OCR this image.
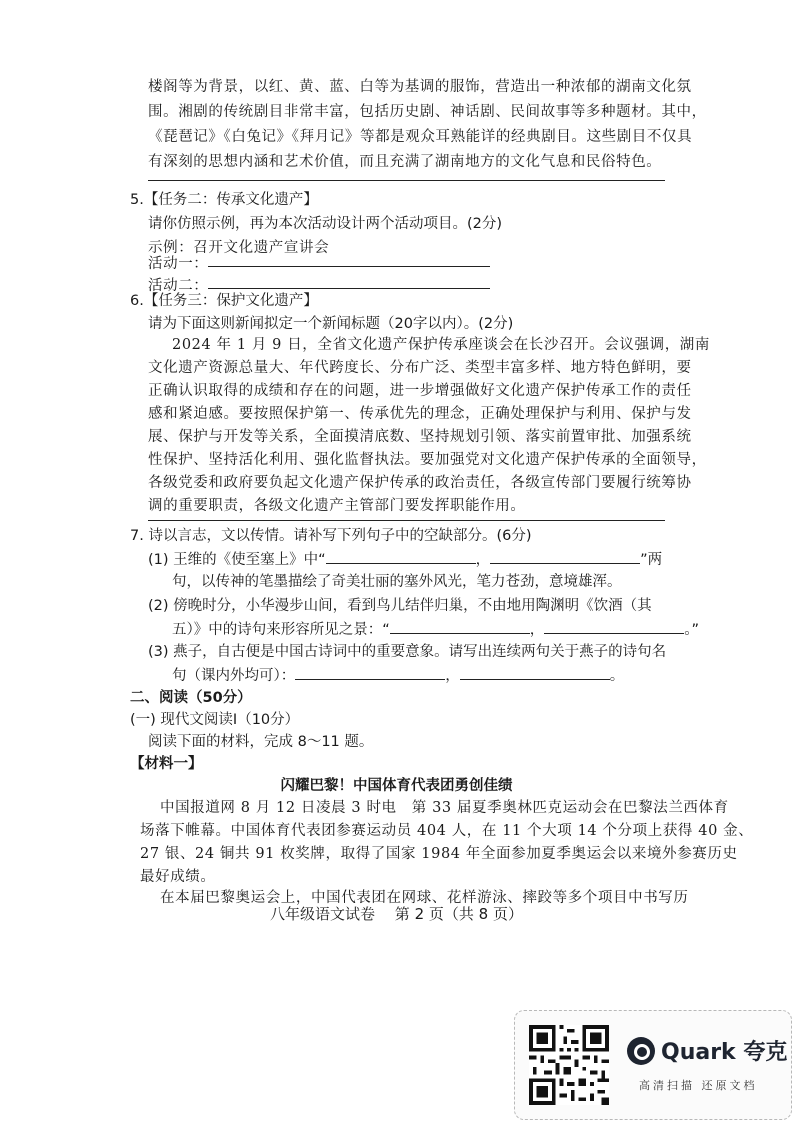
楼阁等为背景，以红、黄、蓝、白等为基调的服饰，营造出一种浓郁的湖南文化氛
围。湘剧的传统剧目非常丰富，包括历史剧、神话剧、民间故事等多种题材。其中，
《琵琶记》《白兔记》《拜月记》等都是观众耳熟能详的经典剧目。这些剧目不仅具
有深刻的思想内涵和艺术价值，而且充满了湖南地方的文化气息和民俗特色。
5.【任务二：传承文化遗产】
请你仿照示例，再为本次活动设计两个活动项目。(2分)
示例：召开文化遗产宣讲会
活动一：
活动二：
6.【任务三：保护文化遗产】
请为下面这则新闻拟定一个新闻标题（20字以内）。(2分)
2024 年 1 月 9 日，全省文化遗产保护传承座谈会在长沙召开。会议强调，湖南
文化遗产资源总量大、年代跨度长、分布广泛、类型丰富多样、地方特色鲜明，要
正确认识取得的成绩和存在的问题，进一步增强做好文化遗产保护传承工作的责任
感和紧迫感。要按照保护第一、传承优先的理念，正确处理保护与利用、保护与发
展、保护与开发等关系，全面摸清底数、坚持规划引领、落实前置审批、加强系统
性保护、坚持活化利用、强化监督执法。要加强党对文化遗产保护传承的全面领导，
各级党委和政府要负起文化遗产保护传承的政治责任，各级宣传部门要履行统筹协
调的重要职责，各级文化遗产主管部门要发挥职能作用。
7. 诗以言志，文以传情。请补写下列句子中的空缺部分。(6分)
(1) 王维的《使至塞上》中“	，	”两
句，以传神的笔墨描绘了奇美壮丽的塞外风光，笔力苍劲，意境雄浑。
(2) 傍晚时分，小华漫步山间，看到鸟儿结伴归巢，不由地用陶渊明《饮酒（其
五）》中的诗句来形容所见之景：“	，	。”
(3) 燕子，自古便是中国古诗词中的重要意象。请写出连续两句关于燕子的诗句名
句（课内外均可）：	，	。
二、阅读（50分）
(一) 现代文阅读Ⅰ（10分）
阅读下面的材料，完成 8～11 题。
【材料一】
闪耀巴黎！中国体育代表团勇创佳绩
中国报道网 8 月 12 日凌晨 3 时电　第 33 届夏季奥林匹克运动会在巴黎法兰西体育
场落下帷幕。中国体育代表团参赛运动员 404 人，在 11 个大项 14 个分项上获得 40 金、
27 银、24 铜共 91 枚奖牌，取得了国家 1984 年全面参加夏季奥运会以来境外参赛历史
最好成绩。
在本届巴黎奥运会上，中国代表团在网球、花样游泳、摔跤等多个项目中书写历
八年级语文试卷　 第 2 页（共 8 页）
Quark 夸克
高清扫描 还原文档
